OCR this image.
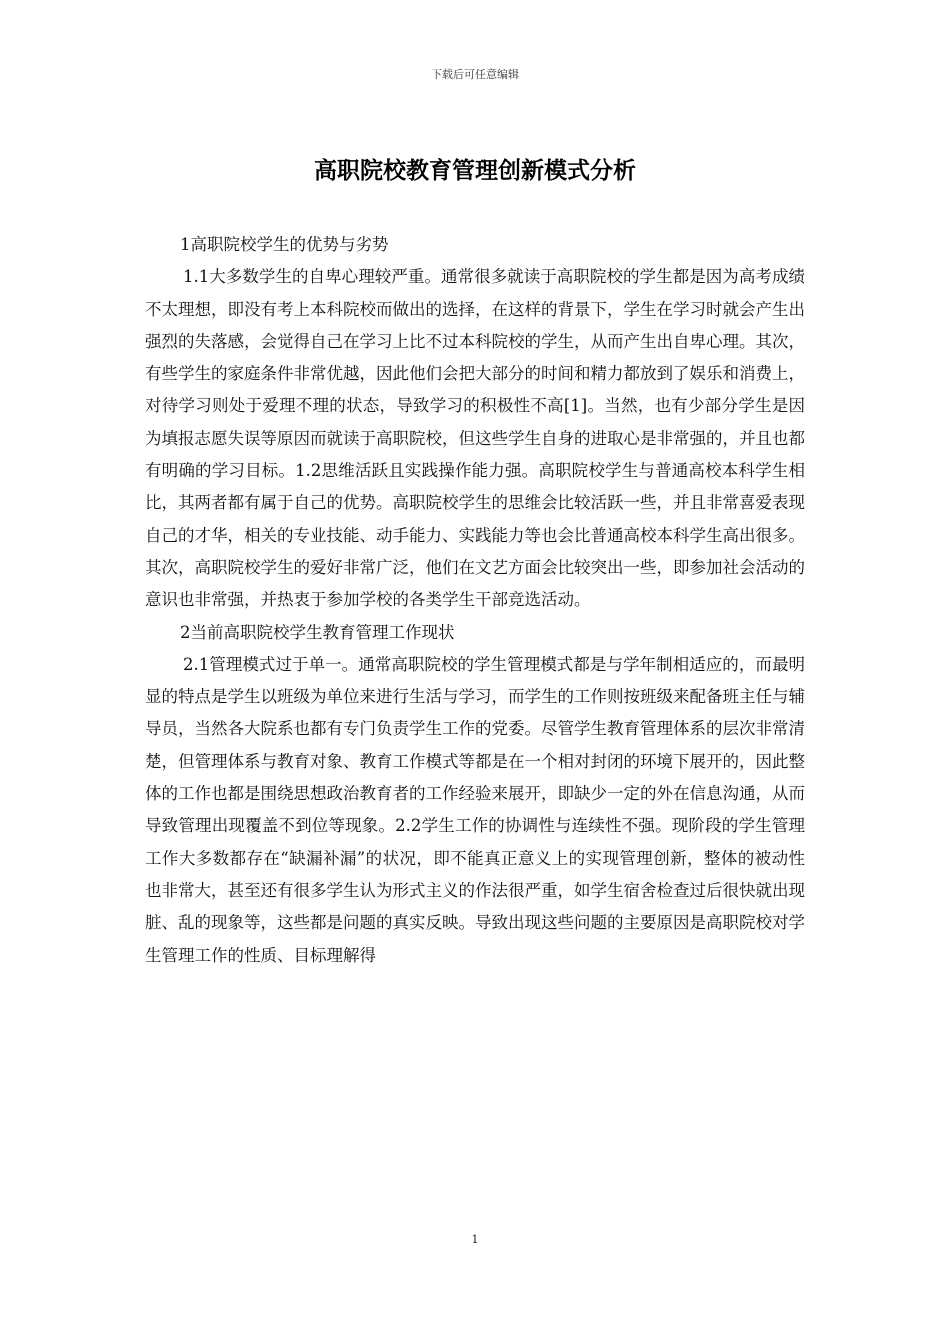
下载后可任意编辑
高职院校教育管理创新模式分析

1高职院校学生的优势与劣势

1.1大多数学生的自卑心理较严重。通常很多就读于高职院校的学生都是因为高考成绩不太理想，即没有考上本科院校而做出的选择，在这样的背景下，学生在学习时就会产生出强烈的失落感，会觉得自己在学习上比不过本科院校的学生，从而产生出自卑心理。其次，有些学生的家庭条件非常优越，因此他们会把大部分的时间和精力都放到了娱乐和消费上，对待学习则处于爱理不理的状态，导致学习的积极性不高[1]。当然，也有少部分学生是因为填报志愿失误等原因而就读于高职院校，但这些学生自身的进取心是非常强的，并且也都有明确的学习目标。1.2思维活跃且实践操作能力强。高职院校学生与普通高校本科学生相比，其两者都有属于自己的优势。高职院校学生的思维会比较活跃一些，并且非常喜爱表现自己的才华，相关的专业技能、动手能力、实践能力等也会比普通高校本科学生高出很多。其次，高职院校学生的爱好非常广泛，他们在文艺方面会比较突出一些，即参加社会活动的意识也非常强，并热衷于参加学校的各类学生干部竞选活动。

2当前高职院校学生教育管理工作现状

2.1管理模式过于单一。通常高职院校的学生管理模式都是与学年制相适应的，而最明显的特点是学生以班级为单位来进行生活与学习，而学生的工作则按班级来配备班主任与辅导员，当然各大院系也都有专门负责学生工作的党委。尽管学生教育管理体系的层次非常清楚，但管理体系与教育对象、教育工作模式等都是在一个相对封闭的环境下展开的，因此整体的工作也都是围绕思想政治教育者的工作经验来展开，即缺少一定的外在信息沟通，从而导致管理出现覆盖不到位等现象。2.2学生工作的协调性与连续性不强。现阶段的学生管理工作大多数都存在“缺漏补漏”的状况，即不能真正意义上的实现管理创新，整体的被动性也非常大，甚至还有很多学生认为形式主义的作法很严重，如学生宿舍检查过后很快就出现脏、乱的现象等，这些都是问题的真实反映。导致出现这些问题的主要原因是高职院校对学生管理工作的性质、目标理解得

1
